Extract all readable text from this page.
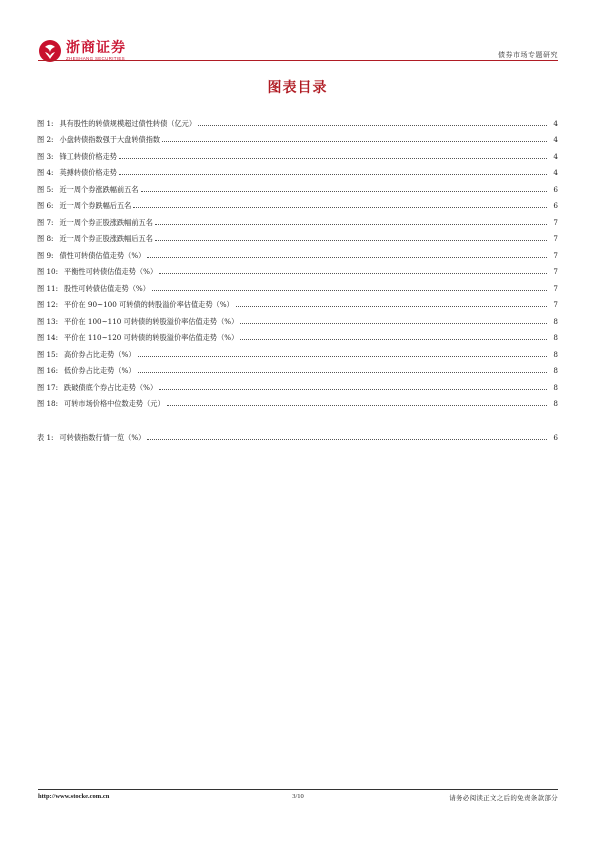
浙商证券
ZHESHANG SECURITIES	债券市场专题研究
图表目录
图 1: 具有股性的转债规模超过债性转债（亿元）	4
图 2: 小盘转债指数强于大盘转债指数	4
图 3: 锋工转债价格走势	4
图 4: 英搏转债价格走势	4
图 5: 近一周个券涨跌幅前五名	6
图 6: 近一周个券跌幅后五名	6
图 7: 近一周个券正股涨跌幅前五名	7
图 8: 近一周个券正股涨跌幅后五名	7
图 9: 债性可转债估值走势（%）	7
图 10: 平衡性可转债估值走势（%）	7
图 11: 股性可转债估值走势（%）	7
图 12: 平价在 90~100 可转债的转股溢价率估值走势（%）	7
图 13: 平价在 100~110 可转债的转股溢价率估值走势（%）	8
图 14: 平价在 110~120 可转债的转股溢价率估值走势（%）	8
图 15: 高价券占比走势（%）	8
图 16: 低价券占比走势（%）	8
图 17: 跌破债底个券占比走势（%）	8
图 18: 可转市场价格中位数走势（元）	8
表 1: 可转债指数行情一览（%）	6
http://www.stocke.com.cn	3/10	请务必阅读正文之后的免责条款部分
